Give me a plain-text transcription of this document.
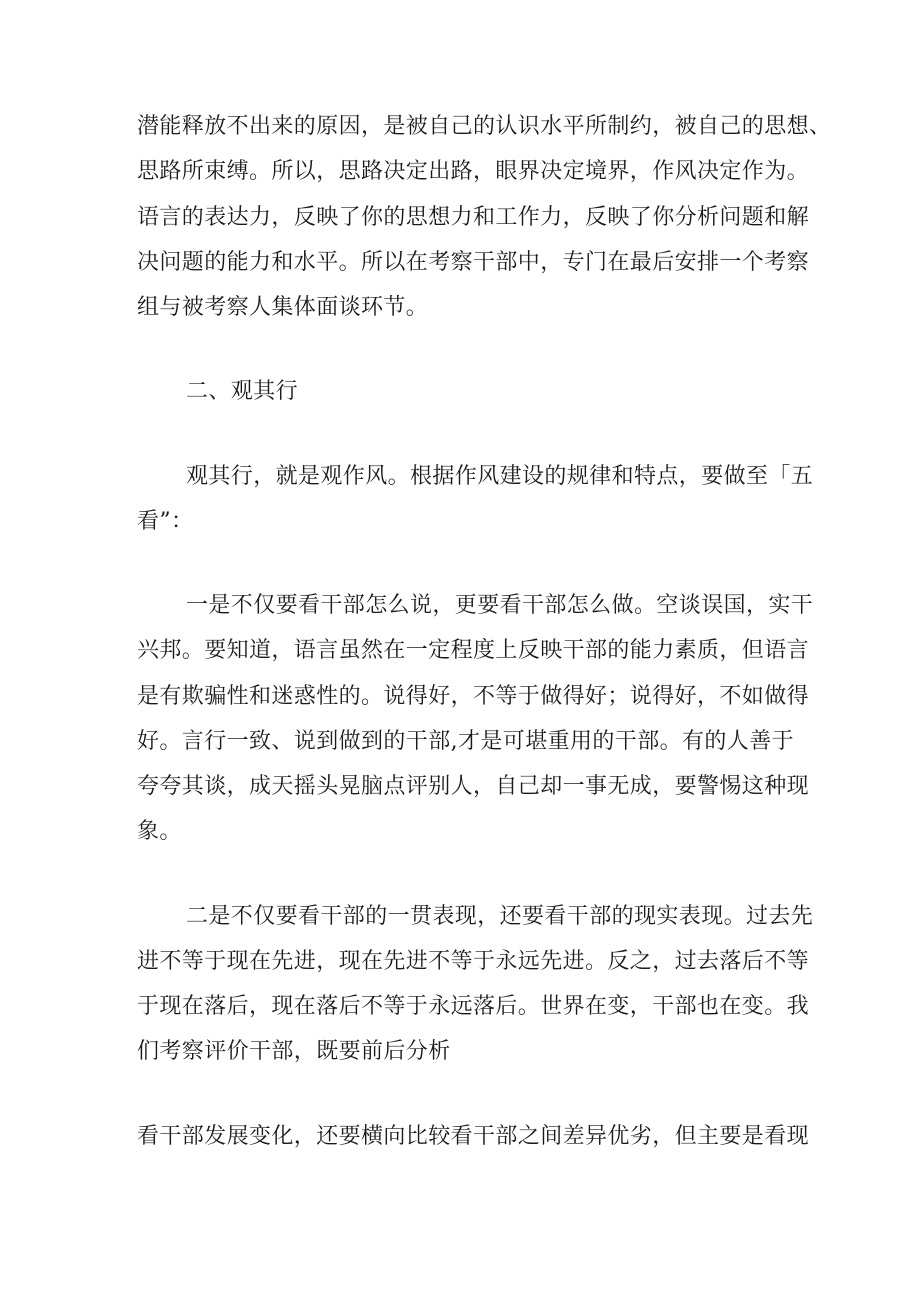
潜能释放不出来的原因，是被自己的认识水平所制约，被自己的思想、
思路所束缚。所以，思路决定出路，眼界决定境界，作风决定作为。
语言的表达力，反映了你的思想力和工作力，反映了你分析问题和解
决问题的能力和水平。所以在考察干部中，专门在最后安排一个考察
组与被考察人集体面谈环节。
二、观其行
观其行，就是观作风。根据作风建设的规律和特点，要做至「五
看”：
一是不仅要看干部怎么说，更要看干部怎么做。空谈误国，实干
兴邦。要知道，语言虽然在一定程度上反映干部的能力素质，但语言
是有欺骗性和迷惑性的。说得好，不等于做得好；说得好，不如做得
好。言行一致、说到做到的干部,才是可堪重用的干部。有的人善于
夸夸其谈，成天摇头晃脑点评别人，自己却一事无成，要警惕这种现
象。
二是不仅要看干部的一贯表现，还要看干部的现实表现。过去先
进不等于现在先进，现在先进不等于永远先进。反之，过去落后不等
于现在落后，现在落后不等于永远落后。世界在变，干部也在变。我
们考察评价干部，既要前后分析
看干部发展变化，还要横向比较看干部之间差异优劣，但主要是看现
